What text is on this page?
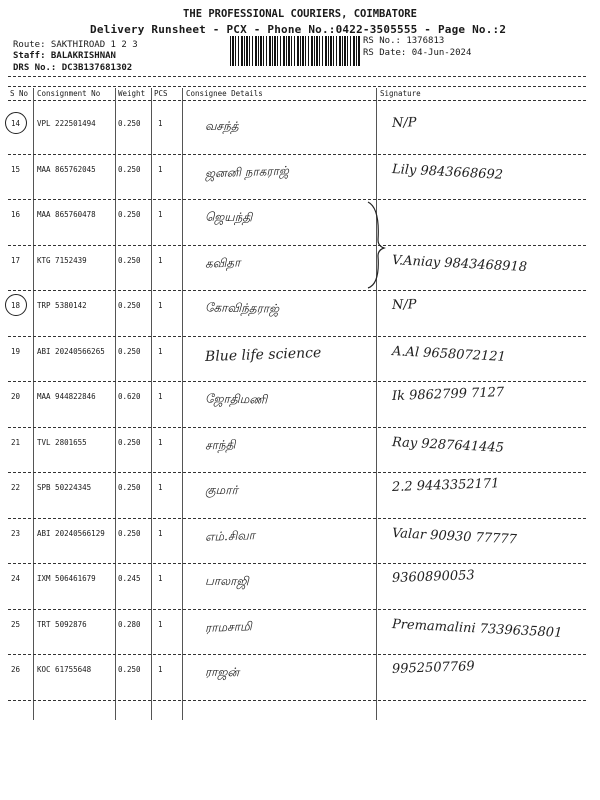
THE PROFESSIONAL COURIERS, COIMBATORE
Delivery Runsheet - PCX - Phone No.:0422-3505555 - Page No.:2
Route: SAKTHIROAD 1 2 3
Staff: BALAKRISHNAN
DRS No.: DC3B137681302
RS No.: 1376813
RS Date: 04-Jun-2024
S No Consignment No Weight PCS Consignee Details	Signature
14 VPL 222501494	0.250 1	வசந்த்	N/P
15 MAA 865762045	0.250 1	ஜனனி நாகராஜ்	Lily 9843668692
16 MAA 865760478	0.250 1	ஜெயந்தி
17 KTG 7152439	0.250 1	கவிதா	V.Aniay 9843468918
18 TRP 5380142	0.250 1	கோவிந்தராஜ்	N/P
19 ABI 20240566265 0.250 1	Blue life science	A.Al 9658072121
20 MAA 944822846	0.620 1	ஜோதிமணி	Ik 9862799 7127
21 TVL 2801655	0.250 1	சாந்தி	Ray 9287641445
22 SPB 50224345	0.250 1	குமார்	2.2 9443352171
23 ABI 20240566129 0.250 1	எம்.சிவா	Valar 90930 77777
24 IXM 506461679	0.245 1	பாலாஜி	9360890053
25 TRT 5092876	0.280 1	ராமசாமி	Premamalini 7339635801
26 KOC 61755648	0.250 1	ராஜன்	9952507769
